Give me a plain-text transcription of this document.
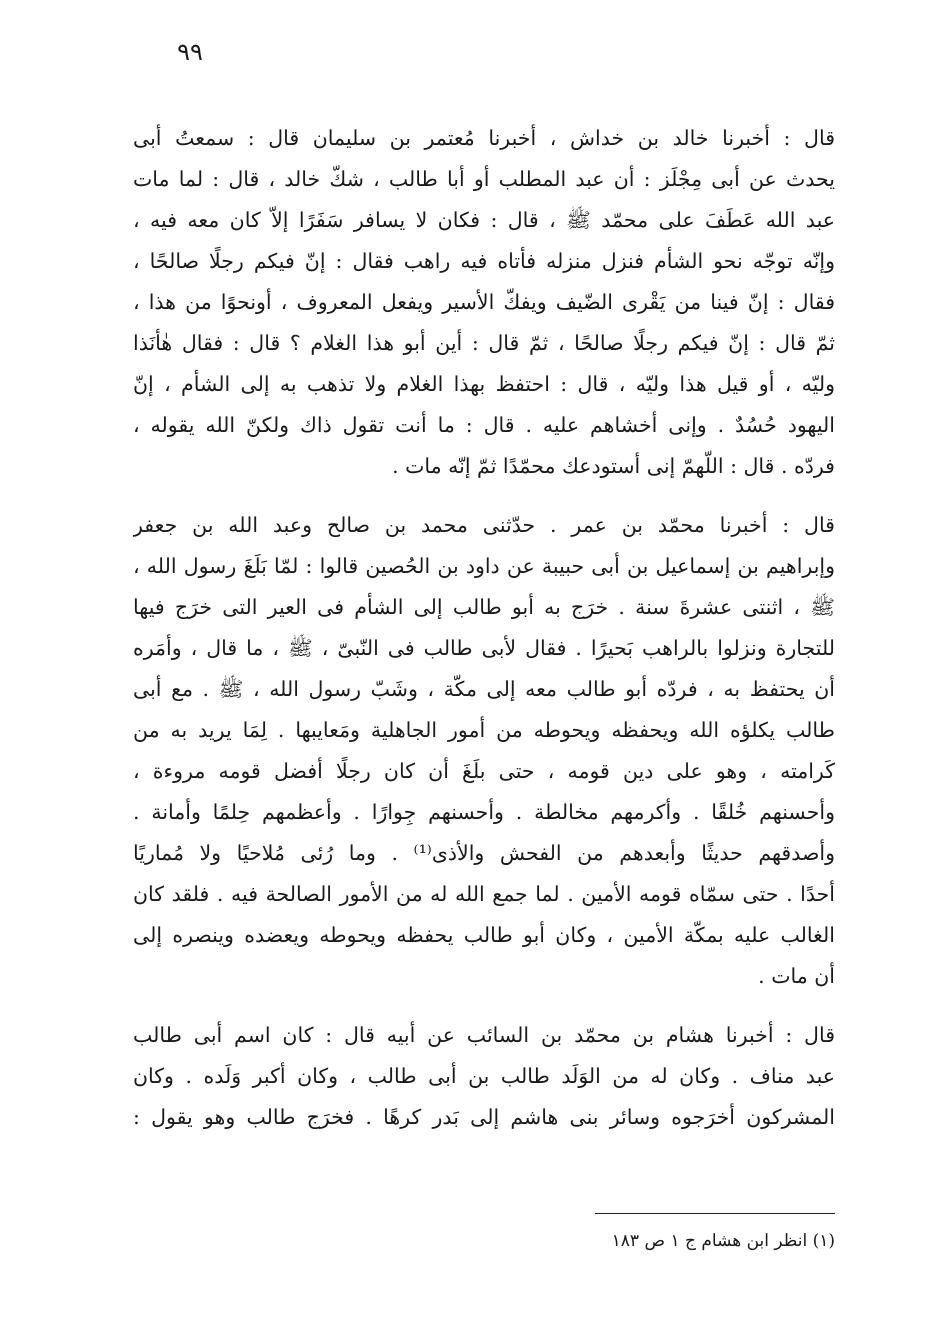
٩٩
قال : أخبرنا خالد بن خداش ، أخبرنا مُعتمر بن سليمان قال : سمعتُ أبى
يحدث عن أبى مِجْلَز : أن عبد المطلب أو أبا طالب ، شكّ خالد ، قال : لما مات
عبد الله عَطَفَ على محمّد ﷺ ، قال : فكان لا يسافر سَفَرًا إلاّ كان معه فيه ،
وإنّه توجّه نحو الشأم فنزل منزله فأتاه فيه راهب فقال : إنّ فيكم رجلًا صالحًا ،
فقال : إنّ فينا من يَقْرى الضّيف ويفكّ الأسير ويفعل المعروف ، أونحوًا من هذا ،
ثمّ قال : إنّ فيكم رجلًا صالحًا ، ثمّ قال : أين أبو هذا الغلام ؟ قال : فقال هٰأنَذا
وليّه ، أو قيل هذا وليّه ، قال : احتفظ بهذا الغلام ولا تذهب به إلى الشأم ، إنّ
اليهود حُسُدٌ . وإنى أخشاهم عليه . قال : ما أنت تقول ذاك ولكنّ الله يقوله ،
فردّه . قال : اللّهمّ إنى أستودعك محمّدًا ثمّ إنّه مات .
قال : أخبرنا محمّد بن عمر . حدّثنى محمد بن صالح وعبد الله بن جعفر
وإبراهيم بن إسماعيل بن أبى حبيبة عن داود بن الحُصين قالوا : لمّا بَلَغَ رسول الله ،
ﷺ ، اثنتى عشرةَ سنة . خرَج به أبو طالب إلى الشأم فى العير التى خرَج فيها
للتجارة ونزلوا بالراهب بَحيرًا . فقال لأبى طالب فى النّبىّ ، ﷺ ، ما قال ، وأمَره
أن يحتفظ به ، فردّه أبو طالب معه إلى مكّة ، وشَبّ رسول الله ، ﷺ . مع أبى
طالب يكلؤه الله ويحفظه ويحوطه من أمور الجاهلية ومَعايبها . لِمَا يريد به من
كَرامته ، وهو على دين قومه ، حتى بلَغَ أن كان رجلًا أفضل قومه مروءة ،
وأحسنهم خُلقًا . وأكرمهم مخالطة . وأحسنهم جِوارًا . وأعظمهم حِلمًا وأمانة .
وأصدقهم حديثًا وأبعدهم من الفحش والأذى⁽¹⁾ . وما رُئى مُلاحيًا ولا مُماريًا
أحدًا . حتى سمّاه قومه الأمين . لما جمع الله له من الأمور الصالحة فيه . فلقد كان
الغالب عليه بمكّة الأمين ، وكان أبو طالب يحفظه ويحوطه ويعضده وينصره إلى
أن مات .
قال : أخبرنا هشام بن محمّد بن السائب عن أبيه قال : كان اسم أبى طالب
عبد مناف . وكان له من الوَلَد طالب بن أبى طالب ، وكان أكبر وَلَده . وكان
المشركون أخرَجوه وسائر بنى هاشم إلى بَدر كرهًا . فخرَج طالب وهو يقول :
(١) انظر ابن هشام ج ١ ص ١٨٣
